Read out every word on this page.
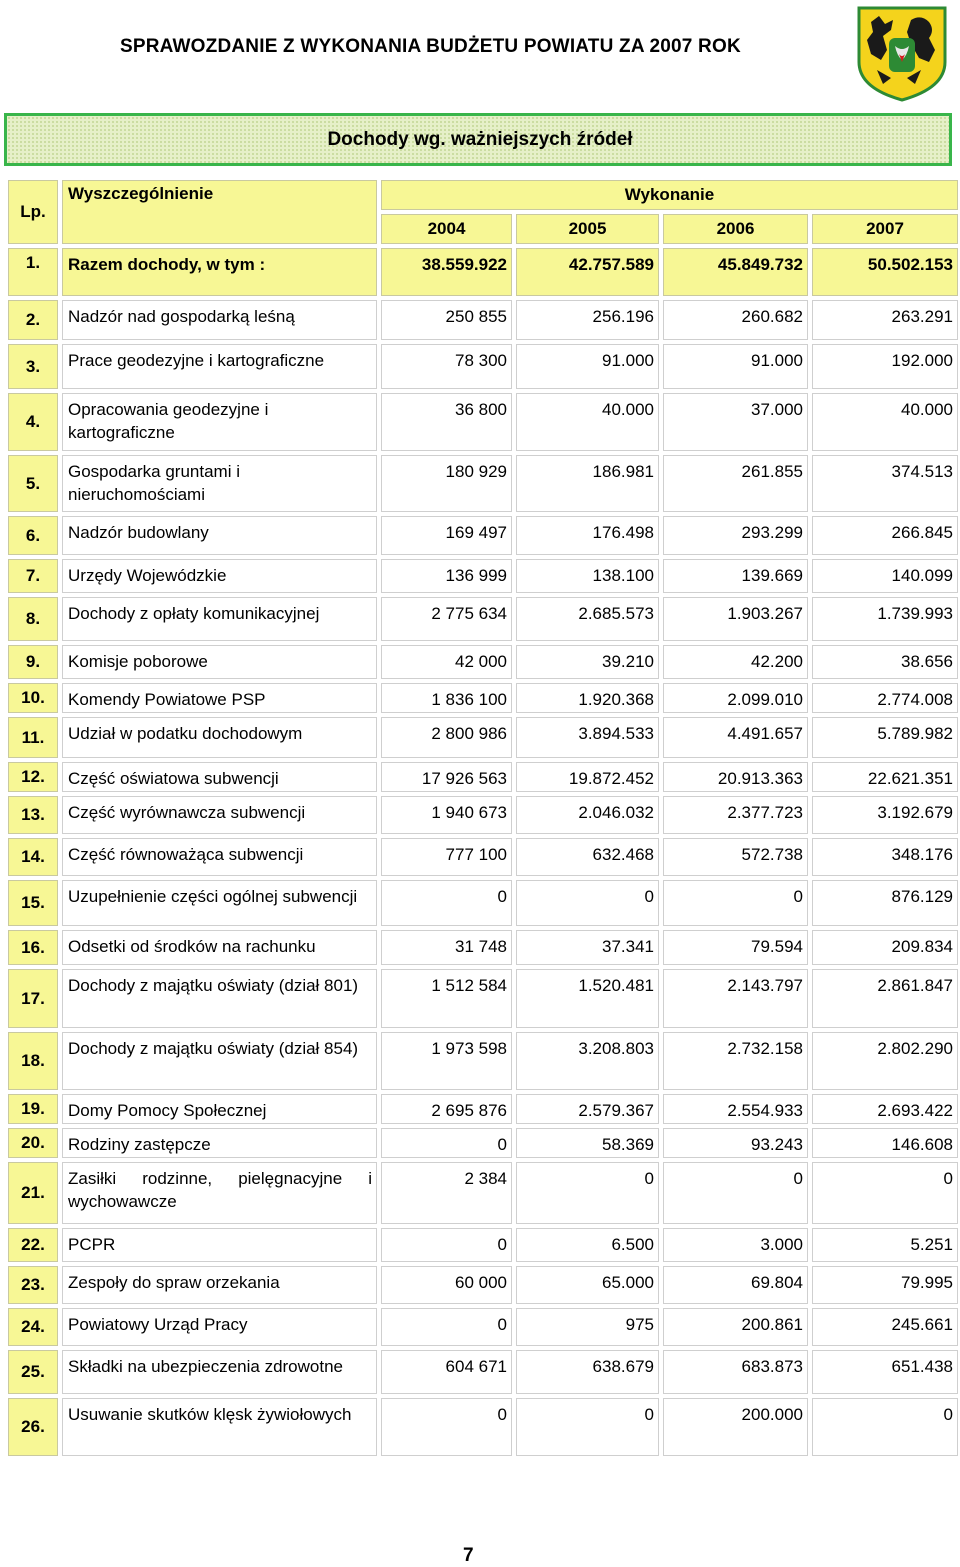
SPRAWOZDANIE Z WYKONANIA BUDŻETU POWIATU ZA 2007 ROK
Dochody wg. ważniejszych źródeł
Lp.	Wyszczególnienie	Wykonanie			
		2004	2005	2006	2007
1.	Razem dochody, w tym :	38.559.922	42.757.589	45.849.732	50.502.153
2.	Nadzór nad gospodarką leśną	250 855	256.196	260.682	263.291
3.	Prace geodezyjne i kartograficzne	78 300	91.000	91.000	192.000
4.	Opracowania geodezyjne i kartograficzne	36 800	40.000	37.000	40.000
5.	Gospodarka gruntami i nieruchomościami	180 929	186.981	261.855	374.513
6.	Nadzór budowlany	169 497	176.498	293.299	266.845
7.	Urzędy Wojewódzkie	136 999	138.100	139.669	140.099
8.	Dochody z opłaty komunikacyjnej	2 775 634	2.685.573	1.903.267	1.739.993
9.	Komisje poborowe	42 000	39.210	42.200	38.656
10.	Komendy Powiatowe PSP	1 836 100	1.920.368	2.099.010	2.774.008
11.	Udział w podatku dochodowym	2 800 986	3.894.533	4.491.657	5.789.982
12.	Część oświatowa subwencji	17 926 563	19.872.452	20.913.363	22.621.351
13.	Część wyrównawcza subwencji	1 940 673	2.046.032	2.377.723	3.192.679
14.	Część równoważąca subwencji	777 100	632.468	572.738	348.176
15.	Uzupełnienie części ogólnej subwencji	0	0	0	876.129
16.	Odsetki od środków na rachunku	31 748	37.341	79.594	209.834
17.	Dochody z majątku oświaty (dział 801)	1 512 584	1.520.481	2.143.797	2.861.847
18.	Dochody z majątku oświaty (dział 854)	1 973 598	3.208.803	2.732.158	2.802.290
19.	Domy Pomocy Społecznej	2 695 876	2.579.367	2.554.933	2.693.422
20.	Rodziny zastępcze	0	58.369	93.243	146.608
21.	Zasiłki rodzinne, pielęgnacyjne i wychowawcze	2 384	0	0	0
22.	PCPR	0	6.500	3.000	5.251
23.	Zespoły do spraw orzekania	60 000	65.000	69.804	79.995
24.	Powiatowy Urząd Pracy	0	975	200.861	245.661
25.	Składki na ubezpieczenia zdrowotne	604 671	638.679	683.873	651.438
26.	Usuwanie skutków klęsk żywiołowych	0	0	200.000	0
7
